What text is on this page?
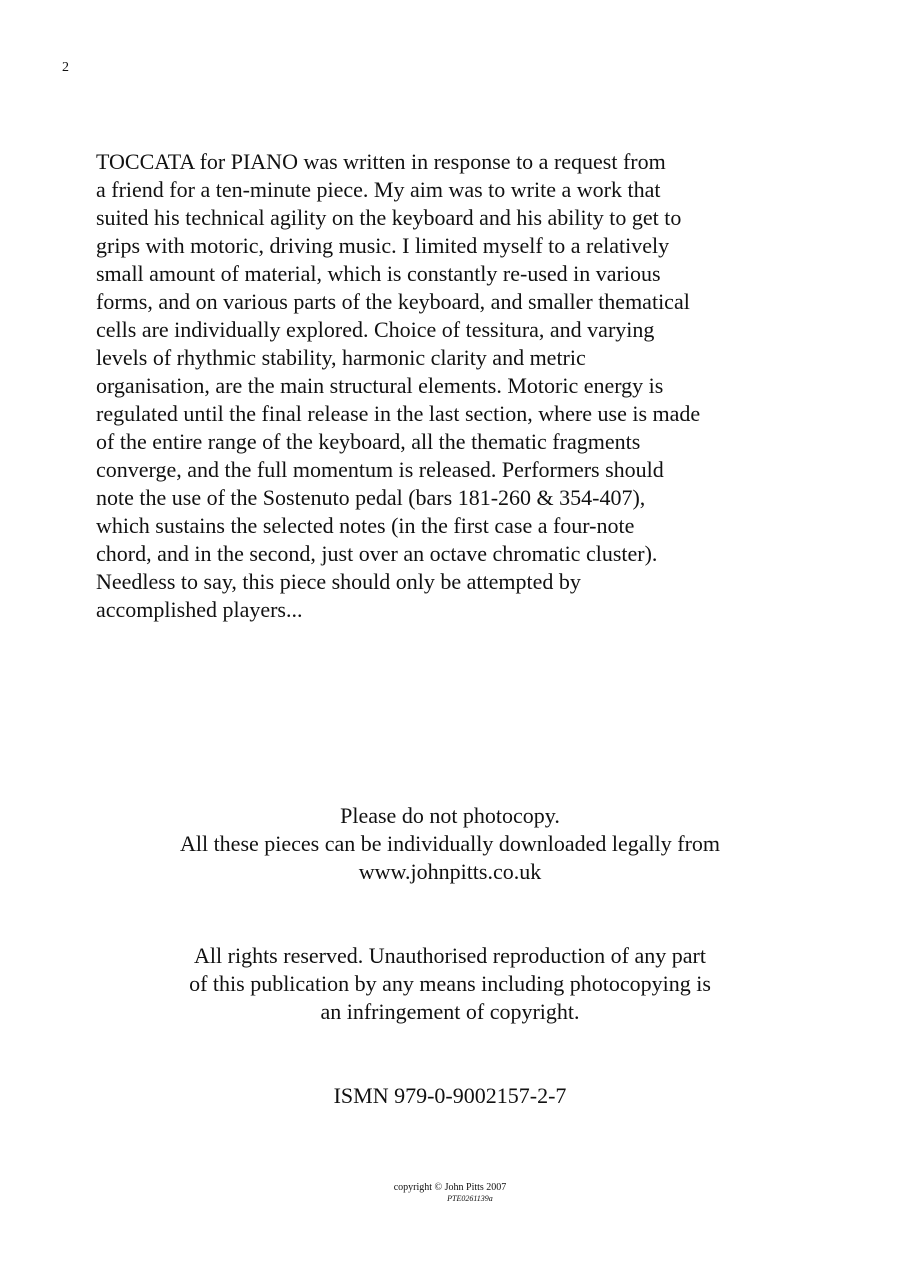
2
TOCCATA for PIANO was written in response to a request from
a friend for a ten-minute piece. My aim was to write a work that
suited his technical agility on the keyboard and his ability to get to
grips with motoric, driving music. I limited myself to a relatively
small amount of material, which is constantly re-used in various
forms, and on various parts of the keyboard, and smaller thematical
cells are individually explored. Choice of tessitura, and varying
levels of rhythmic stability, harmonic clarity and metric
organisation, are the main structural elements. Motoric energy is
regulated until the final release in the last section, where use is made
of the entire range of the keyboard, all the thematic fragments
converge, and the full momentum is released. Performers should
note the use of the Sostenuto pedal (bars 181-260 & 354-407),
which sustains the selected notes (in the first case a four-note
chord, and in the second, just over an octave chromatic cluster).
Needless to say, this piece should only be attempted by
accomplished players...
Please do not photocopy.
All these pieces can be individually downloaded legally from
www.johnpitts.co.uk
All rights reserved. Unauthorised reproduction of any part
of this publication by any means including photocopying is
an infringement of copyright.
ISMN 979-0-9002157-2-7
copyright © John Pitts 2007
PTE0261139a
